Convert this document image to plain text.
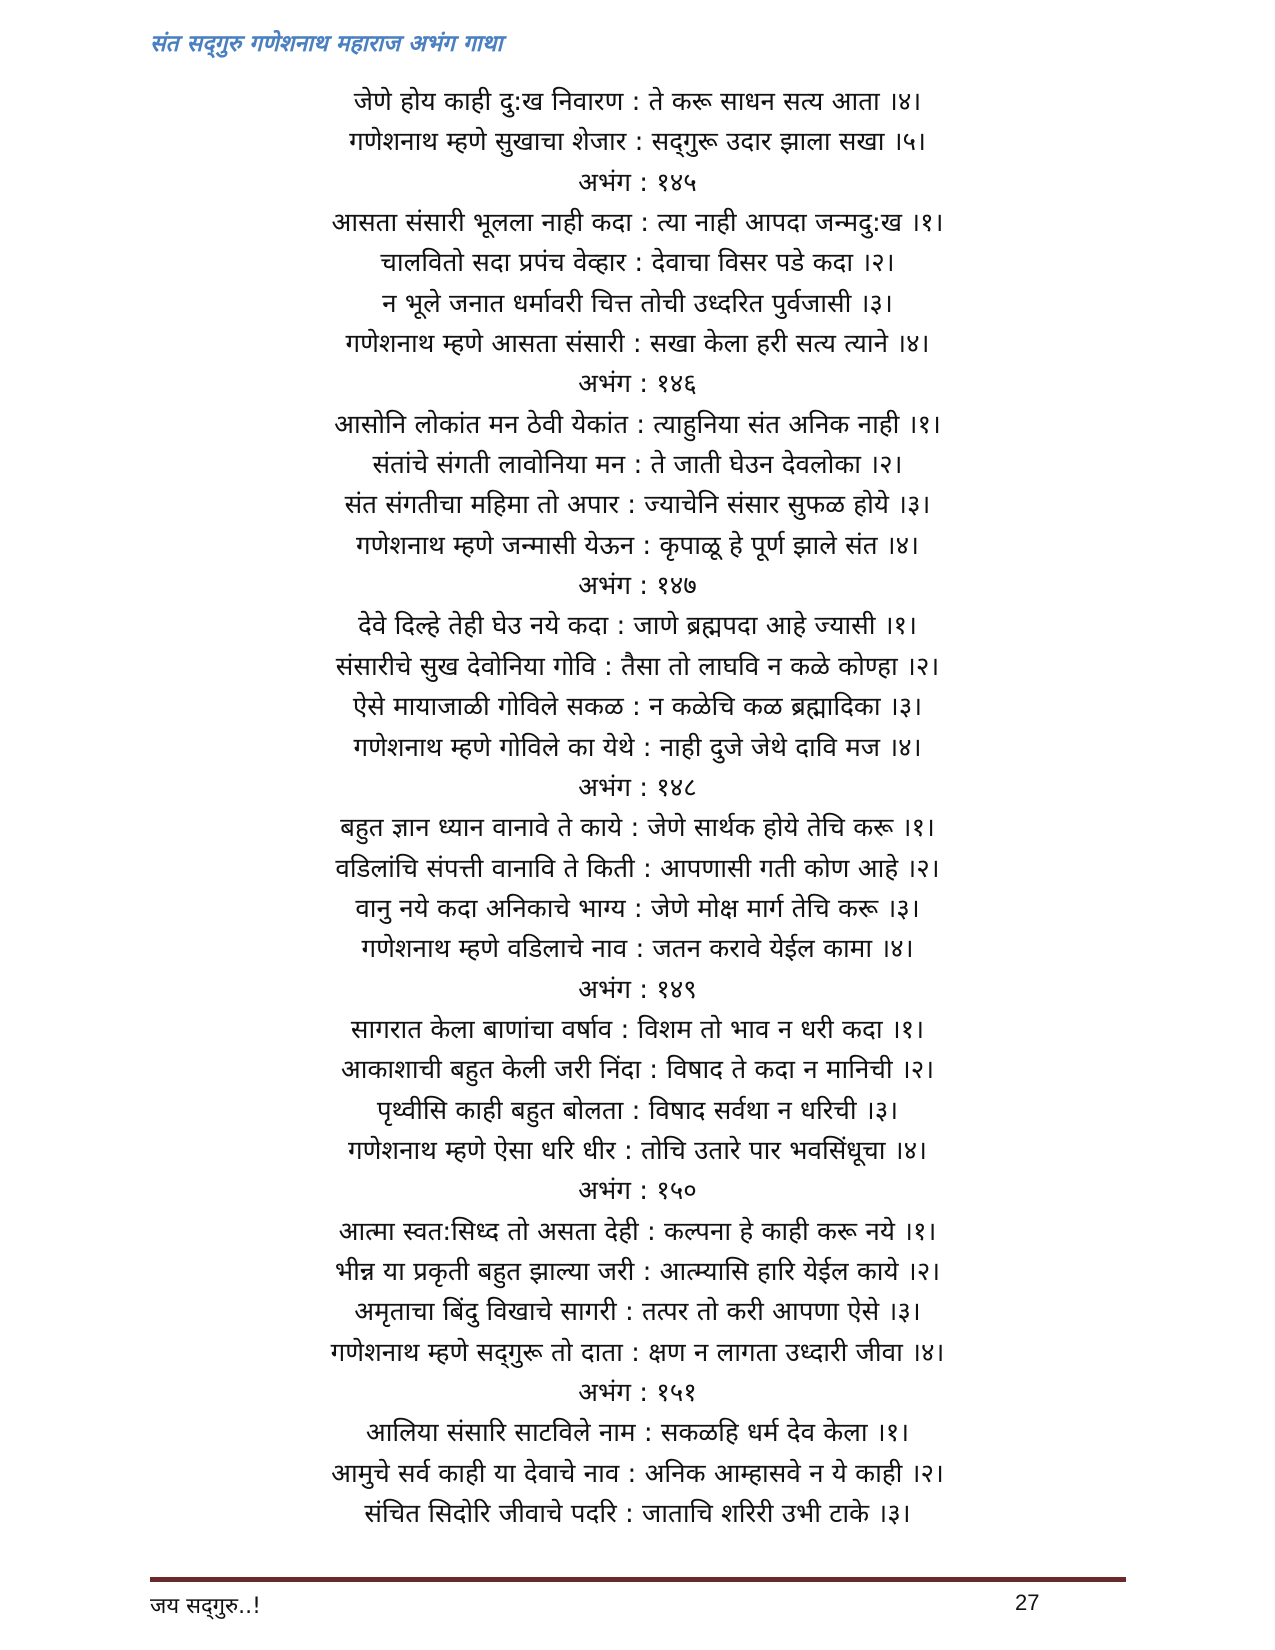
संत सद्‌गुरु गणेशनाथ महाराज अभंग गाथा
जेणे होय काही दु:ख निवारण : ते करू साधन सत्य आता ।४।
गणेशनाथ म्हणे सुखाचा शेजार : सद्‌गुरू उदार झाला सखा ।५।
अभंग : १४५
आसता संसारी भूलला नाही कदा : त्या नाही आपदा जन्मदु:ख ।१।
चालवितो सदा प्रपंच वेव्हार : देवाचा विसर पडे कदा ।२।
न भूले जनात धर्मावरी चित्त तोची उध्दरित पुर्वजासी ।३।
गणेशनाथ म्हणे आसता संसारी : सखा केला हरी सत्य त्याने ।४।
अभंग : १४६
आसोनि लोकांत मन ठेवी येकांत : त्याहुनिया संत अनिक नाही ।१।
संतांचे संगती लावोनिया मन : ते जाती घेउन देवलोका ।२।
संत संगतीचा महिमा तो अपार : ज्याचेनि संसार सुफळ होये ।३।
गणेशनाथ म्हणे जन्मासी येऊन : कृपाळू हे पूर्ण झाले संत ।४।
अभंग : १४७
देवे दिल्हे तेही घेउ नये कदा : जाणे ब्रह्मपदा आहे ज्यासी ।१।
संसारीचे सुख देवोनिया गोवि : तैसा तो लाघवि न कळे कोण्हा ।२।
ऐसे मायाजाळी गोविले सकळ : न कळेचि कळ ब्रह्मादिका ।३।
गणेशनाथ म्हणे गोविले का येथे : नाही दुजे जेथे दावि मज ।४।
अभंग : १४८
बहुत ज्ञान ध्यान वानावे ते काये : जेणे सार्थक होये तेचि करू ।१।
वडिलांचि संपत्ती वानावि ते किती : आपणासी गती कोण आहे ।२।
वानु नये कदा अनिकाचे भाग्य : जेणे मोक्ष मार्ग तेचि करू ।३।
गणेशनाथ म्हणे वडिलाचे नाव : जतन करावे येईल कामा ।४।
अभंग : १४९
सागरात केला बाणांचा वर्षाव : विशम तो भाव न धरी कदा ।१।
आकाशाची बहुत केली जरी निंदा : विषाद ते कदा न मानिची ।२।
पृथ्वीसि काही बहुत बोलता : विषाद सर्वथा न धरिची ।३।
गणेशनाथ म्हणे ऐसा धरि धीर : तोचि उतारे पार भवसिंधूचा ।४।
अभंग : १५०
आत्मा स्वत:सिध्द तो असता देही : कल्पना हे काही करू नये ।१।
भीन्न या प्रकृती बहुत झाल्या जरी : आत्म्यासि हारि येईल काये ।२।
अमृताचा बिंदु विखाचे सागरी : तत्पर तो करी आपणा ऐसे ।३।
गणेशनाथ म्हणे सद्‌गुरू तो दाता : क्षण न लागता उध्दारी जीवा ।४।
अभंग : १५१
आलिया संसारि साटविले नाम : सकळहि धर्म देव केला ।१।
आमुचे सर्व काही या देवाचे नाव : अनिक आम्हासवे न ये काही ।२।
संचित सिदोरि जीवाचे पदरि : जाताचि शरिरी उभी टाके ।३।
जय सद्‌गुरु..!	27
